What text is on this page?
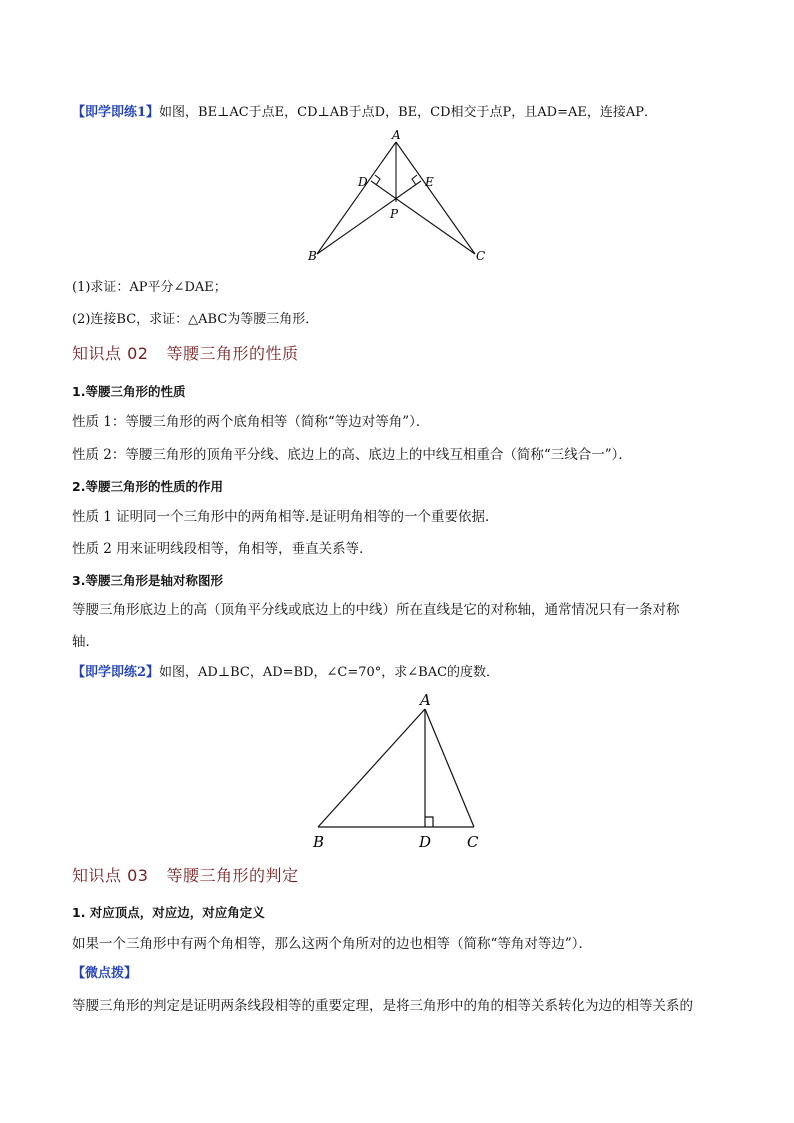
【即学即练1】如图，BE⊥AC于点E，CD⊥AB于点D，BE，CD相交于点P，且AD=AE，连接AP．
A
D	E
P
B	C
(1)求证：AP平分∠DAE；
(2)连接BC，求证：△ABC为等腰三角形．
知识点 02 等腰三角形的性质
1.等腰三角形的性质
性质 1：等腰三角形的两个底角相等（简称“等边对等角”）．
性质 2：等腰三角形的顶角平分线、底边上的高、底边上的中线互相重合（简称“三线合一”）．
2.等腰三角形的性质的作用
性质 1 证明同一个三角形中的两角相等.是证明角相等的一个重要依据．
性质 2 用来证明线段相等，角相等，垂直关系等．
3.等腰三角形是轴对称图形
等腰三角形底边上的高（顶角平分线或底边上的中线）所在直线是它的对称轴，通常情况只有一条对称
轴．
【即学即练2】如图，AD⊥BC，AD=BD，∠C=70°，求∠BAC的度数．
A
B	D C
知识点 03 等腰三角形的判定
1. 对应顶点，对应边，对应角定义
如果一个三角形中有两个角相等，那么这两个角所对的边也相等（简称“等角对等边”）．
【微点拨】
等腰三角形的判定是证明两条线段相等的重要定理，是将三角形中的角的相等关系转化为边的相等关系的
